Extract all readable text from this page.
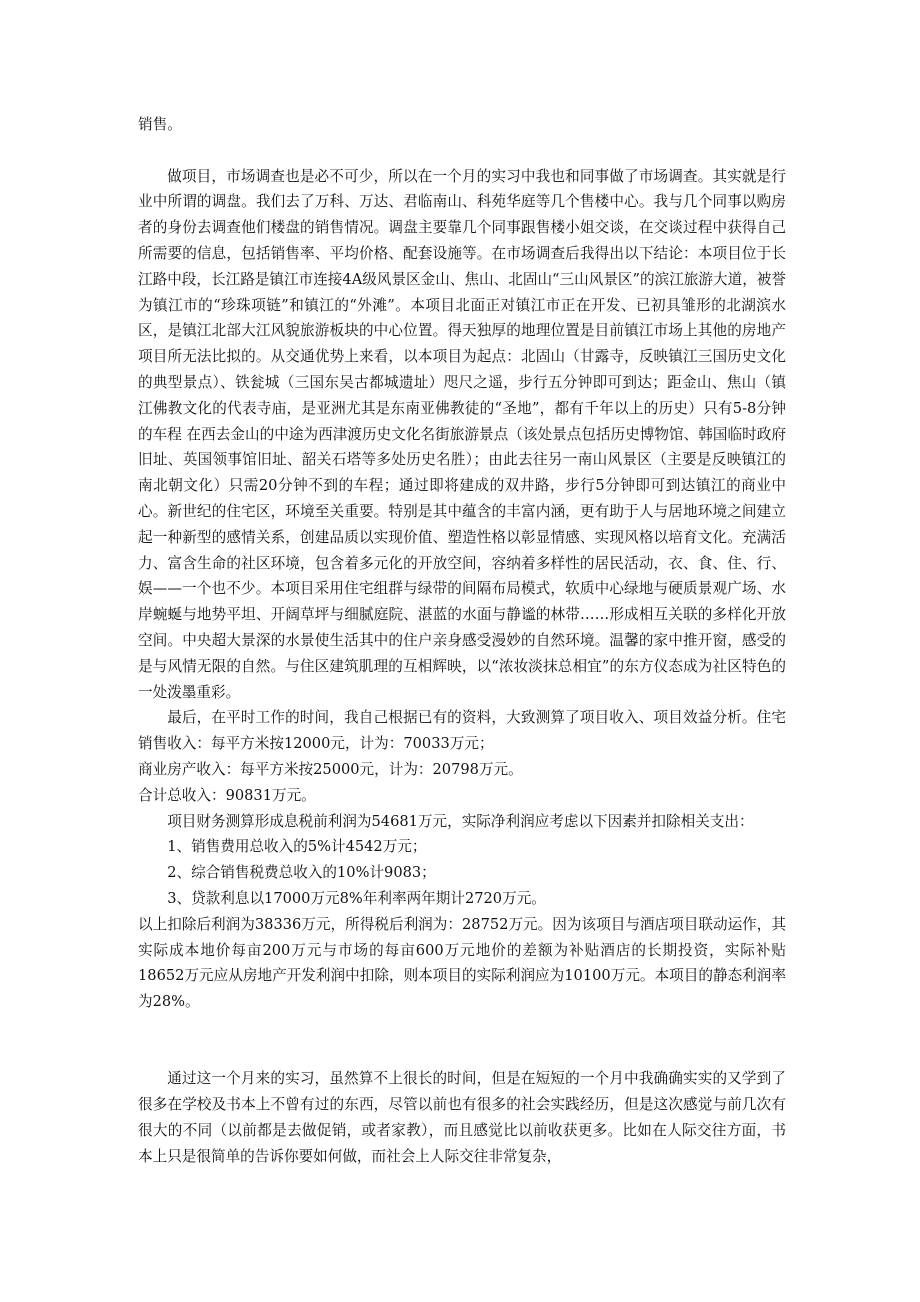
销售。

做项目，市场调查也是必不可少，所以在一个月的实习中我也和同事做了市场调查。其实就是行业中所谓的调盘。我们去了万科、万达、君临南山、科苑华庭等几个售楼中心。我与几个同事以购房者的身份去调查他们楼盘的销售情况。调盘主要靠几个同事跟售楼小姐交谈，在交谈过程中获得自己所需要的信息，包括销售率、平均价格、配套设施等。在市场调查后我得出以下结论：本项目位于长江路中段，长江路是镇江市连接4A级风景区金山、焦山、北固山“三山风景区”的滨江旅游大道，被誉为镇江市的“珍珠项链”和镇江的“外滩”。本项目北面正对镇江市正在开发、已初具雏形的北湖滨水区，是镇江北部大江风貌旅游板块的中心位置。得天独厚的地理位置是目前镇江市场上其他的房地产项目所无法比拟的。从交通优势上来看，以本项目为起点：北固山（甘露寺，反映镇江三国历史文化的典型景点）、铁瓮城（三国东吴古都城遗址）咫尺之遥，步行五分钟即可到达；距金山、焦山（镇江佛教文化的代表寺庙，是亚洲尤其是东南亚佛教徒的“圣地”，都有千年以上的历史）只有5-8分钟的车程 在西去金山的中途为西津渡历史文化名街旅游景点（该处景点包括历史博物馆、韩国临时政府旧址、英国领事馆旧址、韶关石塔等多处历史名胜）；由此去往另一南山风景区（主要是反映镇江的南北朝文化）只需20分钟不到的车程；通过即将建成的双井路，步行5分钟即可到达镇江的商业中心。新世纪的住宅区，环境至关重要。特别是其中蕴含的丰富内涵，更有助于人与居地环境之间建立起一种新型的感情关系，创建品质以实现价值、塑造性格以彰显情感、实现风格以培育文化。充满活力、富含生命的社区环境，包含着多元化的开放空间，容纳着多样性的居民活动，衣、食、住、行、娱——一个也不少。本项目采用住宅组群与绿带的间隔布局模式，软质中心绿地与硬质景观广场、水岸蜿蜒与地势平坦、开阔草坪与细腻庭院、湛蓝的水面与静谧的林带……形成相互关联的多样化开放空间。中央超大景深的水景使生活其中的住户亲身感受漫妙的自然环境。温馨的家中推开窗，感受的是与风情无限的自然。与住区建筑肌理的互相辉映，以“浓妆淡抹总相宜”的东方仪态成为社区特色的一处泼墨重彩。

最后，在平时工作的时间，我自己根据已有的资料，大致测算了项目收入、项目效益分析。住宅销售收入：每平方米按12000元，计为：70033万元；

商业房产收入：每平方米按25000元，计为：20798万元。

合计总收入：90831万元。

项目财务测算形成息税前利润为54681万元，实际净利润应考虑以下因素并扣除相关支出：

1、销售费用总收入的5%计4542万元；

2、综合销售税费总收入的10%计9083；

3、贷款利息以17000万元8%年利率两年期计2720万元。

以上扣除后利润为38336万元，所得税后利润为：28752万元。因为该项目与酒店项目联动运作，其实际成本地价每亩200万元与市场的每亩600万元地价的差额为补贴酒店的长期投资，实际补贴18652万元应从房地产开发利润中扣除，则本项目的实际利润应为10100万元。本项目的静态利润率为28%。

通过这一个月来的实习，虽然算不上很长的时间，但是在短短的一个月中我确确实实的又学到了很多在学校及书本上不曾有过的东西，尽管以前也有很多的社会实践经历，但是这次感觉与前几次有很大的不同（以前都是去做促销，或者家教），而且感觉比以前收获更多。比如在人际交往方面，书本上只是很简单的告诉你要如何做，而社会上人际交往非常复杂，
